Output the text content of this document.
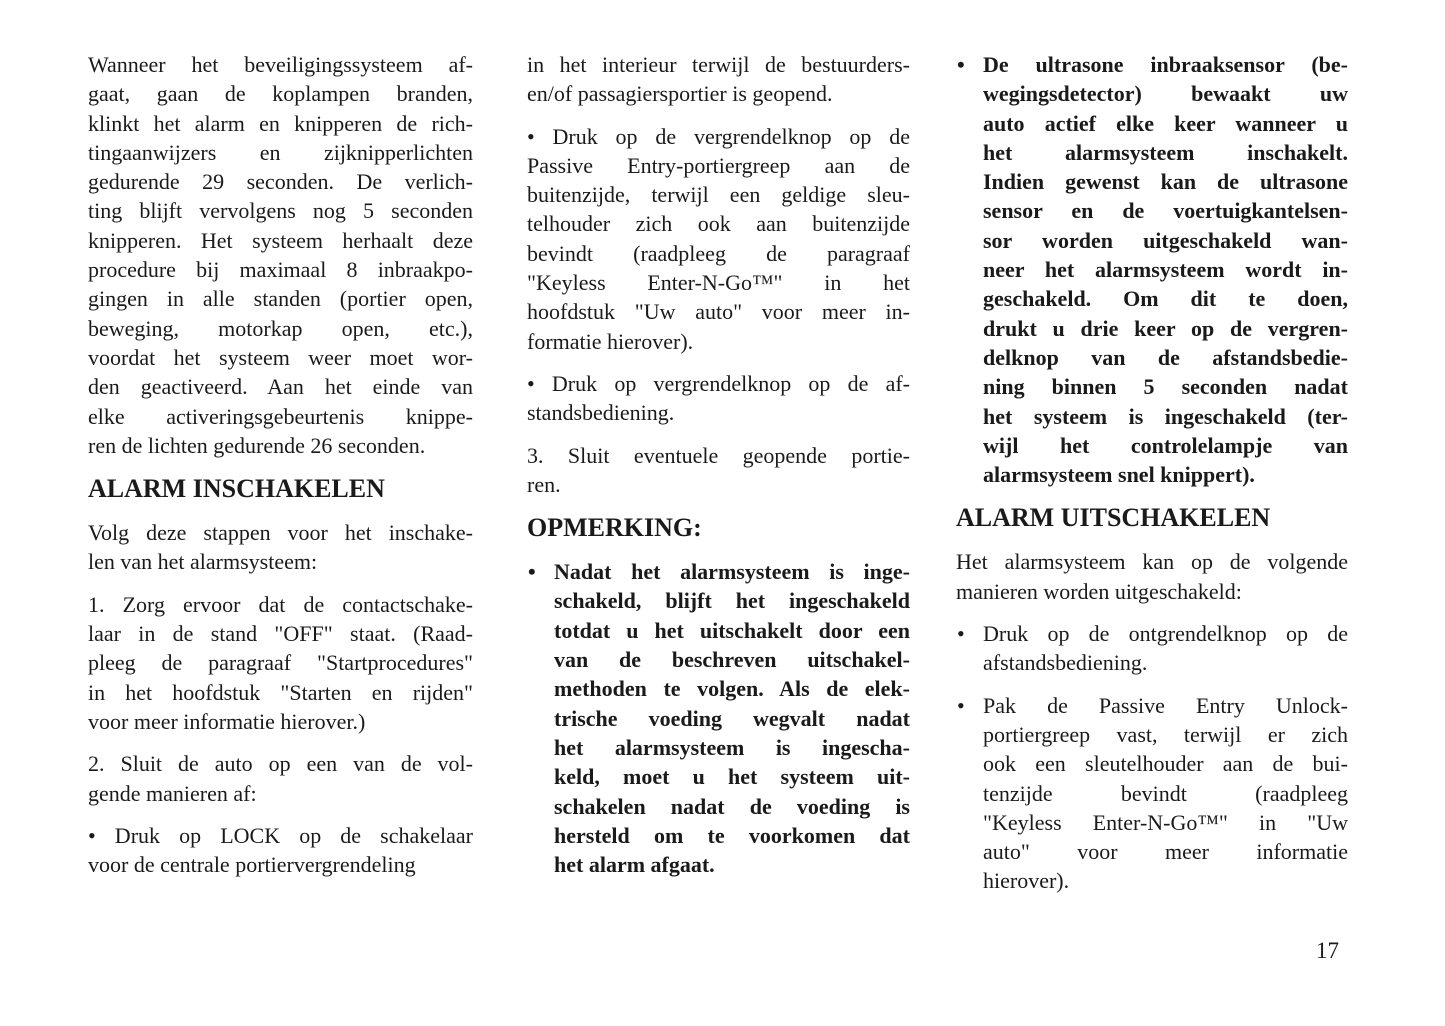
Wanneer het beveiligingssysteem af-
gaat, gaan de koplampen branden,
klinkt het alarm en knipperen de rich-
tingaanwijzers en zijknipperlichten
gedurende 29 seconden. De verlich-
ting blijft vervolgens nog 5 seconden
knipperen. Het systeem herhaalt deze
procedure bij maximaal 8 inbraakpo-
gingen in alle standen (portier open,
beweging, motorkap open, etc.),
voordat het systeem weer moet wor-
den geactiveerd. Aan het einde van
elke activeringsgebeurtenis knippe-
ren de lichten gedurende 26 seconden.
ALARM INSCHAKELEN
Volg deze stappen voor het inschake-
len van het alarmsysteem:
1. Zorg ervoor dat de contactschake-
laar in de stand "OFF" staat. (Raad-
pleeg de paragraaf "Startprocedures"
in het hoofdstuk "Starten en rijden"
voor meer informatie hierover.)
2. Sluit de auto op een van de vol-
gende manieren af:
• Druk op LOCK op de schakelaar
voor de centrale portiervergrendeling
in het interieur terwijl de bestuurders-
en/of passagiersportier is geopend.
• Druk op de vergrendelknop op de
Passive Entry-portiergreep aan de
buitenzijde, terwijl een geldige sleu-
telhouder zich ook aan buitenzijde
bevindt (raadpleeg de paragraaf
"Keyless Enter-N-Go™" in het
hoofdstuk "Uw auto" voor meer in-
formatie hierover).
• Druk op vergrendelknop op de af-
standsbediening.
3. Sluit eventuele geopende portie-
ren.
OPMERKING:
• Nadat het alarmsysteem is inge-
schakeld, blijft het ingeschakeld
totdat u het uitschakelt door een
van de beschreven uitschakel-
methoden te volgen. Als de elek-
trische voeding wegvalt nadat
het alarmsysteem is ingescha-
keld, moet u het systeem uit-
schakelen nadat de voeding is
hersteld om te voorkomen dat
het alarm afgaat.
• De ultrasone inbraaksensor (be-
wegingsdetector) bewaakt uw
auto actief elke keer wanneer u
het alarmsysteem inschakelt.
Indien gewenst kan de ultrasone
sensor en de voertuigkantelsen-
sor worden uitgeschakeld wan-
neer het alarmsysteem wordt in-
geschakeld. Om dit te doen,
drukt u drie keer op de vergren-
delknop van de afstandsbedie-
ning binnen 5 seconden nadat
het systeem is ingeschakeld (ter-
wijl het controlelampje van
alarmsysteem snel knippert).
ALARM UITSCHAKELEN
Het alarmsysteem kan op de volgende
manieren worden uitgeschakeld:
• Druk op de ontgrendelknop op de
afstandsbediening.
• Pak de Passive Entry Unlock-
portiergreep vast, terwijl er zich
ook een sleutelhouder aan de bui-
tenzijde bevindt (raadpleeg
"Keyless Enter-N-Go™" in "Uw
auto" voor meer informatie
hierover).
17
